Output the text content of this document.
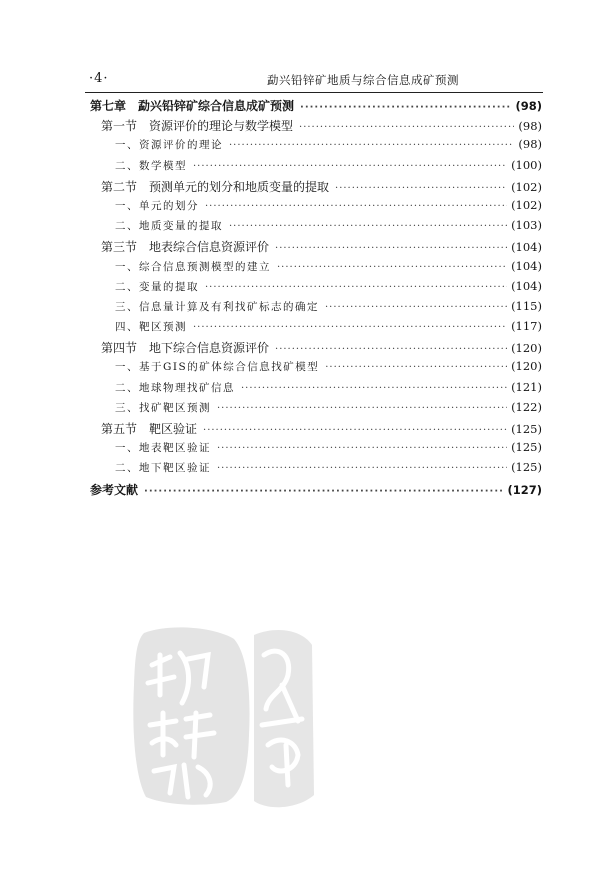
·4·	勐兴铅锌矿地质与综合信息成矿预测
第七章　勐兴铅锌矿综合信息成矿预测 ·····	(98)
第一节　资源评价的理论与数学模型 ·····	(98)
一、资源评价的理论 ·····	(98)
二、数学模型 ·····	(100)
第二节　预测单元的划分和地质变量的提取 ·····	(102)
一、单元的划分 ·····	(102)
二、地质变量的提取 ·····	(103)
第三节　地表综合信息资源评价 ·····	(104)
一、综合信息预测模型的建立 ·····	(104)
二、变量的提取 ·····	(104)
三、信息量计算及有利找矿标志的确定 ·····	(115)
四、靶区预测 ·····	(117)
第四节　地下综合信息资源评价 ·····	(120)
一、基于GIS的矿体综合信息找矿模型 ·····	(120)
二、地球物理找矿信息 ·····	(121)
三、找矿靶区预测 ·····	(122)
第五节　靶区验证 ·····	(125)
一、地表靶区验证 ·····	(125)
二、地下靶区验证 ·····	(125)
参考文献 ·····	(127)
PDG
